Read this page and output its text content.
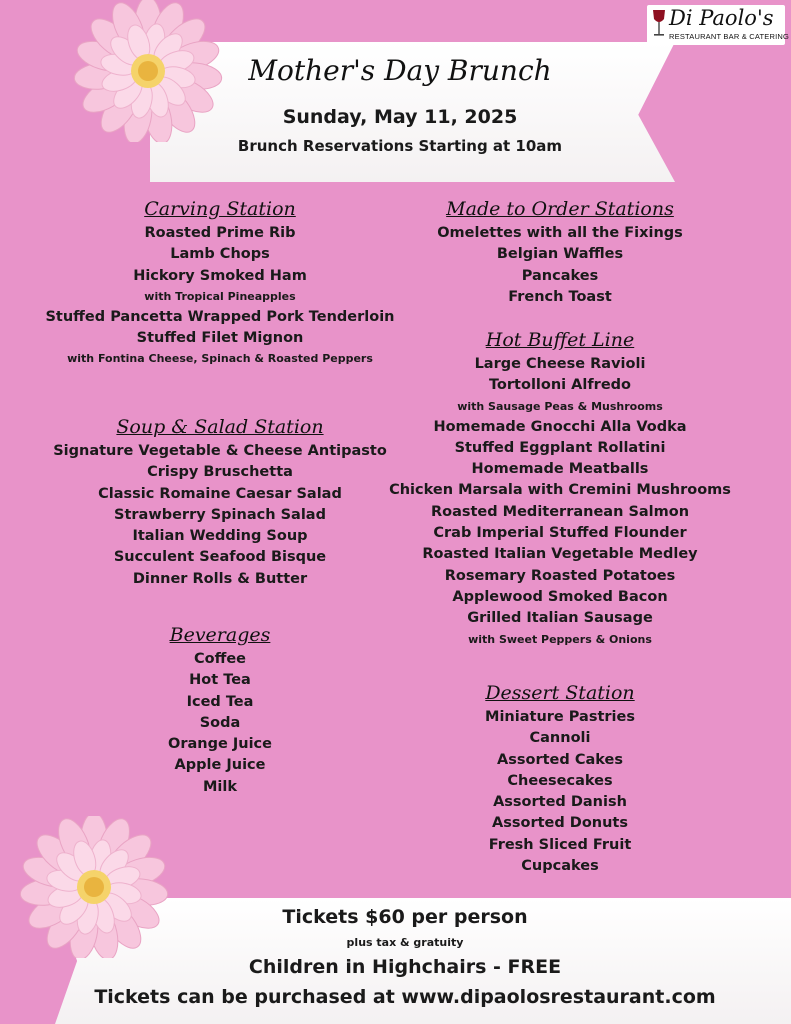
Di Paolo's
RESTAURANT BAR & CATERING
Mother's Day Brunch
Sunday, May 11, 2025
Brunch Reservations Starting at 10am
Carving Station
Roasted Prime Rib
Lamb Chops
Hickory Smoked Ham
with Tropical Pineapples
Stuffed Pancetta Wrapped Pork Tenderloin
Stuffed Filet Mignon
with Fontina Cheese, Spinach & Roasted Peppers
Soup & Salad Station
Signature Vegetable & Cheese Antipasto
Crispy Bruschetta
Classic Romaine Caesar Salad
Strawberry Spinach Salad
Italian Wedding Soup
Succulent Seafood Bisque
Dinner Rolls & Butter
Beverages
Coffee
Hot Tea
Iced Tea
Soda
Orange Juice
Apple Juice
Milk
Made to Order Stations
Omelettes with all the Fixings
Belgian Waffles
Pancakes
French Toast
Hot Buffet Line
Large Cheese Ravioli
Tortolloni Alfredo
with Sausage Peas & Mushrooms
Homemade Gnocchi Alla Vodka
Stuffed Eggplant Rollatini
Homemade Meatballs
Chicken Marsala with Cremini Mushrooms
Roasted Mediterranean Salmon
Crab Imperial Stuffed Flounder
Roasted Italian Vegetable Medley
Rosemary Roasted Potatoes
Applewood Smoked Bacon
Grilled Italian Sausage
with Sweet Peppers & Onions
Dessert Station
Miniature Pastries
Cannoli
Assorted Cakes
Cheesecakes
Assorted Danish
Assorted Donuts
Fresh Sliced Fruit
Cupcakes
Tickets $60 per person
plus tax & gratuity
Children in Highchairs - FREE
Tickets can be purchased at www.dipaolosrestaurant.com
